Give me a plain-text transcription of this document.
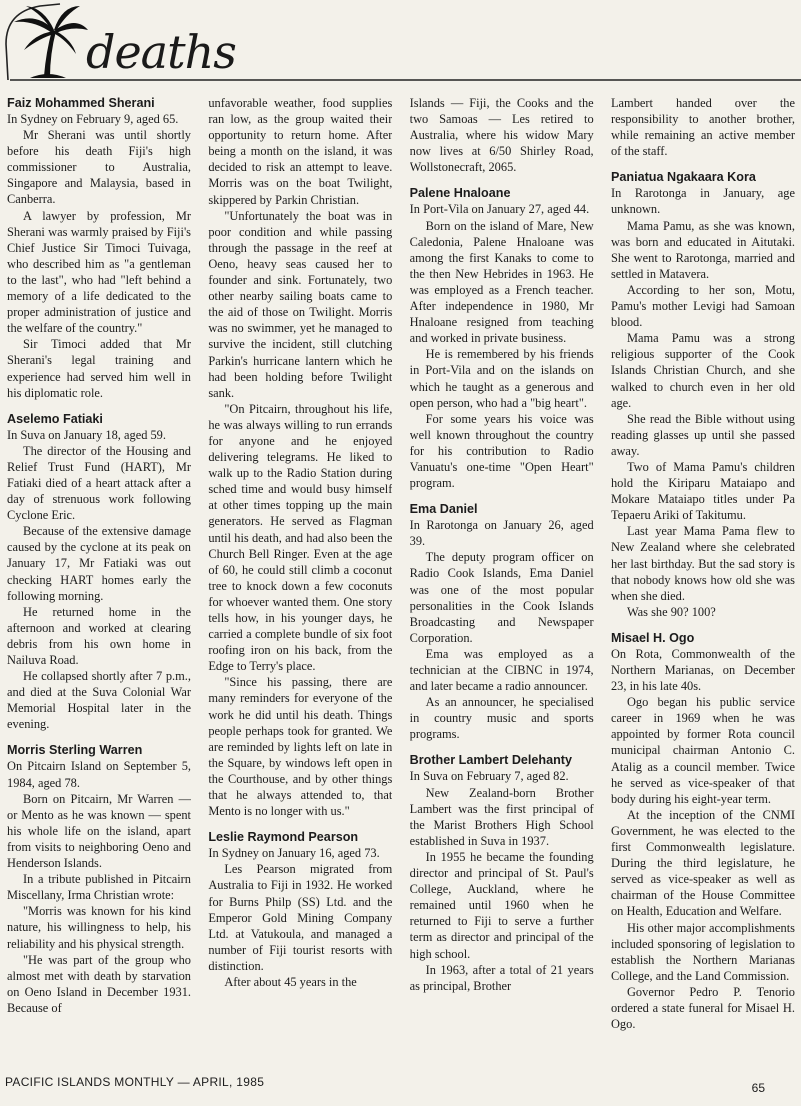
deaths
Faiz Mohammed Sherani

In Sydney on February 9, aged 65.

Mr Sherani was until shortly before his death Fiji's high commissioner to Australia, Singapore and Malaysia, based in Canberra.

A lawyer by profession, Mr Sherani was warmly praised by Fiji's Chief Justice Sir Timoci Tuivaga, who described him as "a gentleman to the last", who had "left behind a memory of a life dedicated to the proper administration of justice and the welfare of the country."

Sir Timoci added that Mr Sherani's legal training and experience had served him well in his diplomatic role.

Aselemo Fatiaki

In Suva on January 18, aged 59.

The director of the Housing and Relief Trust Fund (HART), Mr Fatiaki died of a heart attack after a day of strenuous work following Cyclone Eric.

Because of the extensive damage caused by the cyclone at its peak on January 17, Mr Fatiaki was out checking HART homes early the following morning.

He returned home in the afternoon and worked at clearing debris from his own home in Nailuva Road.

He collapsed shortly after 7 p.m., and died at the Suva Colonial War Memorial Hospital later in the evening.

Morris Sterling Warren

On Pitcairn Island on September 5, 1984, aged 78.

Born on Pitcairn, Mr Warren — or Mento as he was known — spent his whole life on the island, apart from visits to neighboring Oeno and Henderson Islands.

In a tribute published in Pitcairn Miscellany, Irma Christian wrote:

"Morris was known for his kind nature, his willingness to help, his reliability and his physical strength.

"He was part of the group who almost met with death by starvation on Oeno Island in December 1931. Because of

unfavorable weather, food supplies ran low, as the group waited their opportunity to return home. After being a month on the island, it was decided to risk an attempt to leave. Morris was on the boat Twilight, skippered by Parkin Christian.

"Unfortunately the boat was in poor condition and while passing through the passage in the reef at Oeno, heavy seas caused her to founder and sink. Fortunately, two other nearby sailing boats came to the aid of those on Twilight. Morris was no swimmer, yet he managed to survive the incident, still clutching Parkin's hurricane lantern which he had been holding before Twilight sank.

"On Pitcairn, throughout his life, he was always willing to run errands for anyone and he enjoyed delivering telegrams. He liked to walk up to the Radio Station during sched time and would busy himself at other times topping up the main generators. He served as Flagman until his death, and had also been the Church Bell Ringer. Even at the age of 60, he could still climb a coconut tree to knock down a few coconuts for whoever wanted them. One story tells how, in his younger days, he carried a complete bundle of six foot roofing iron on his back, from the Edge to Terry's place.

"Since his passing, there are many reminders for everyone of the work he did until his death. Things people perhaps took for granted. We are reminded by lights left on late in the Square, by windows left open in the Courthouse, and by other things that he always attended to, that Mento is no longer with us."

Leslie Raymond Pearson

In Sydney on January 16, aged 73.

Les Pearson migrated from Australia to Fiji in 1932. He worked for Burns Philp (SS) Ltd. and the Emperor Gold Mining Company Ltd. at Vatukoula, and managed a number of Fiji tourist resorts with distinction.

After about 45 years in the

Islands — Fiji, the Cooks and the two Samoas — Les retired to Australia, where his widow Mary now lives at 6/50 Shirley Road, Wollstonecraft, 2065.

Palene Hnaloane

In Port-Vila on January 27, aged 44.

Born on the island of Mare, New Caledonia, Palene Hnaloane was among the first Kanaks to come to the then New Hebrides in 1963. He was employed as a French teacher. After independence in 1980, Mr Hnaloane resigned from teaching and worked in private business.

He is remembered by his friends in Port-Vila and on the islands on which he taught as a generous and open person, who had a "big heart".

For some years his voice was well known throughout the country for his contribution to Radio Vanuatu's one-time "Open Heart" program.

Ema Daniel

In Rarotonga on January 26, aged 39.

The deputy program officer on Radio Cook Islands, Ema Daniel was one of the most popular personalities in the Cook Islands Broadcasting and Newspaper Corporation.

Ema was employed as a technician at the CIBNC in 1974, and later became a radio announcer.

As an announcer, he specialised in country music and sports programs.

Brother Lambert Delehanty

In Suva on February 7, aged 82.

New Zealand-born Brother Lambert was the first principal of the Marist Brothers High School established in Suva in 1937.

In 1955 he became the founding director and principal of St. Paul's College, Auckland, where he remained until 1960 when he returned to Fiji to serve a further term as director and principal of the high school.

In 1963, after a total of 21 years as principal, Brother

Lambert handed over the responsibility to another brother, while remaining an active member of the staff.

Paniatua Ngakaara Kora

In Rarotonga in January, age unknown.

Mama Pamu, as she was known, was born and educated in Aitutaki. She went to Rarotonga, married and settled in Matavera.

According to her son, Motu, Pamu's mother Levigi had Samoan blood.

Mama Pamu was a strong religious supporter of the Cook Islands Christian Church, and she walked to church even in her old age.

She read the Bible without using reading glasses up until she passed away.

Two of Mama Pamu's children hold the Kiriparu Mataiapo and Mokare Mataiapo titles under Pa Tepaeru Ariki of Takitumu.

Last year Mama Pama flew to New Zealand where she celebrated her last birthday. But the sad story is that nobody knows how old she was when she died.

Was she 90? 100?

Misael H. Ogo

On Rota, Commonwealth of the Northern Marianas, on December 23, in his late 40s.

Ogo began his public service career in 1969 when he was appointed by former Rota council municipal chairman Antonio C. Atalig as a council member. Twice he served as vice-speaker of that body during his eight-year term.

At the inception of the CNMI Government, he was elected to the first Commonwealth legislature. During the third legislature, he served as vice-speaker as well as chairman of the House Committee on Health, Education and Welfare.

His other major accomplishments included sponsoring of legislation to establish the Northern Marianas College, and the Land Commission.

Governor Pedro P. Tenorio ordered a state funeral for Misael H. Ogo.

PACIFIC ISLANDS MONTHLY — APRIL, 1985	65
